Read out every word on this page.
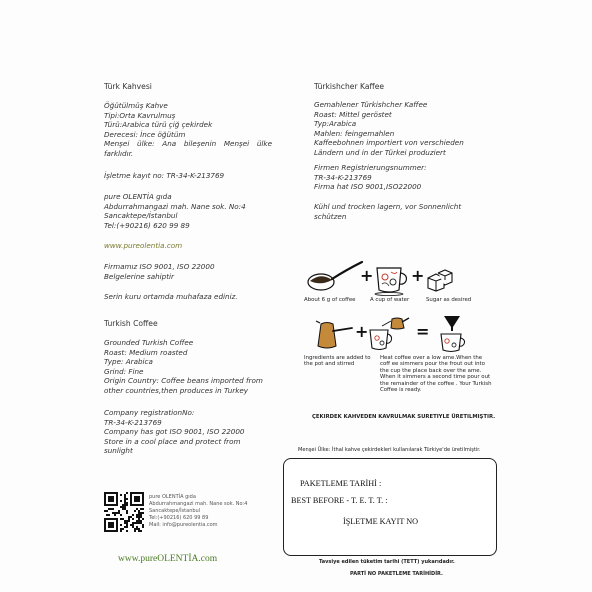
Türk Kahvesi
Öğütülmüş Kahve
Tipi:Orta Kavrulmuş
Türü:Arabica türü çiğ çekirdek
Derecesi: İnce öğütüm
Menşei ülke: Ana bileşenin Menşei ülke farklıdır.
İşletme kayıt no: TR-34-K-213769
pure OLENTİA gıda
Abdurrahmangazi mah. Nane sok. No:4
Sancaktepe/İstanbul
Tel:(+90216) 620 99 89
www.pureolentia.com
Firmamız ISO 9001, ISO 22000
Belgelerine sahiptir
Serin kuru ortamda muhafaza ediniz.
Turkish Coffee
Grounded Turkish Coffee
Roast: Medium roasted
Type: Arabica
Grind: Fine
Origin Country: Coffee beans imported from other countries,then produces in Turkey
Company registrationNo:
TR-34-K-213769
Company has got ISO 9001, ISO 22000
Store in a cool place and protect from
sunlight
Türkishcher Kaffee
Gemahlener Türkishcher Kaffee
Roast: Mittel geröstet
Typ:Arabica
Mahlen: feingemahlen
Kaffeebohnen importiert von verschieden
Ländern und in der Türkei produziert
Firmen Registrierungsnummer:
TR-34-K-213769
Firma hat ISO 9001,ISO22000
Kühl und trocken lagern, vor Sonnenlicht
schützen
+ +
About 6 g of coffee	A cup of water	Sugar as desired
+	=
Ingredients are added to the pot and stirred
Heat coffee over a low ame.When the coff ee simmers pour the frout out into the cup the place back over the ame. When it simmers a second time pour out the remainder of the coffee . Your Turkish Coffee is ready.
ÇEKIRDEK KAHVEDEN KAVRULMAK SURETIYLE ÜRETILMIŞTIR.
Menşei Ülke: İthal kahve çekirdekleri kullanılarak Türkiye'de üretilmiştir.
PAKETLEME TARİHİ :
BEST BEFORE - T. E. T. T. :
İŞLETME KAYIT NO
pure OLENTİA gıda
Abdurrahmangazi mah. Nane sok. No:4
Sancaktepe/İstanbul
Tel:(+90216) 620 99 89
Mail: info@pureolentia.com
www.pureOLENTİA.com	Tavsiye edilen tüketim tarihi (TETT) yukarıdadır.
PARTİ NO PAKETLEME TARİHİDİR.
